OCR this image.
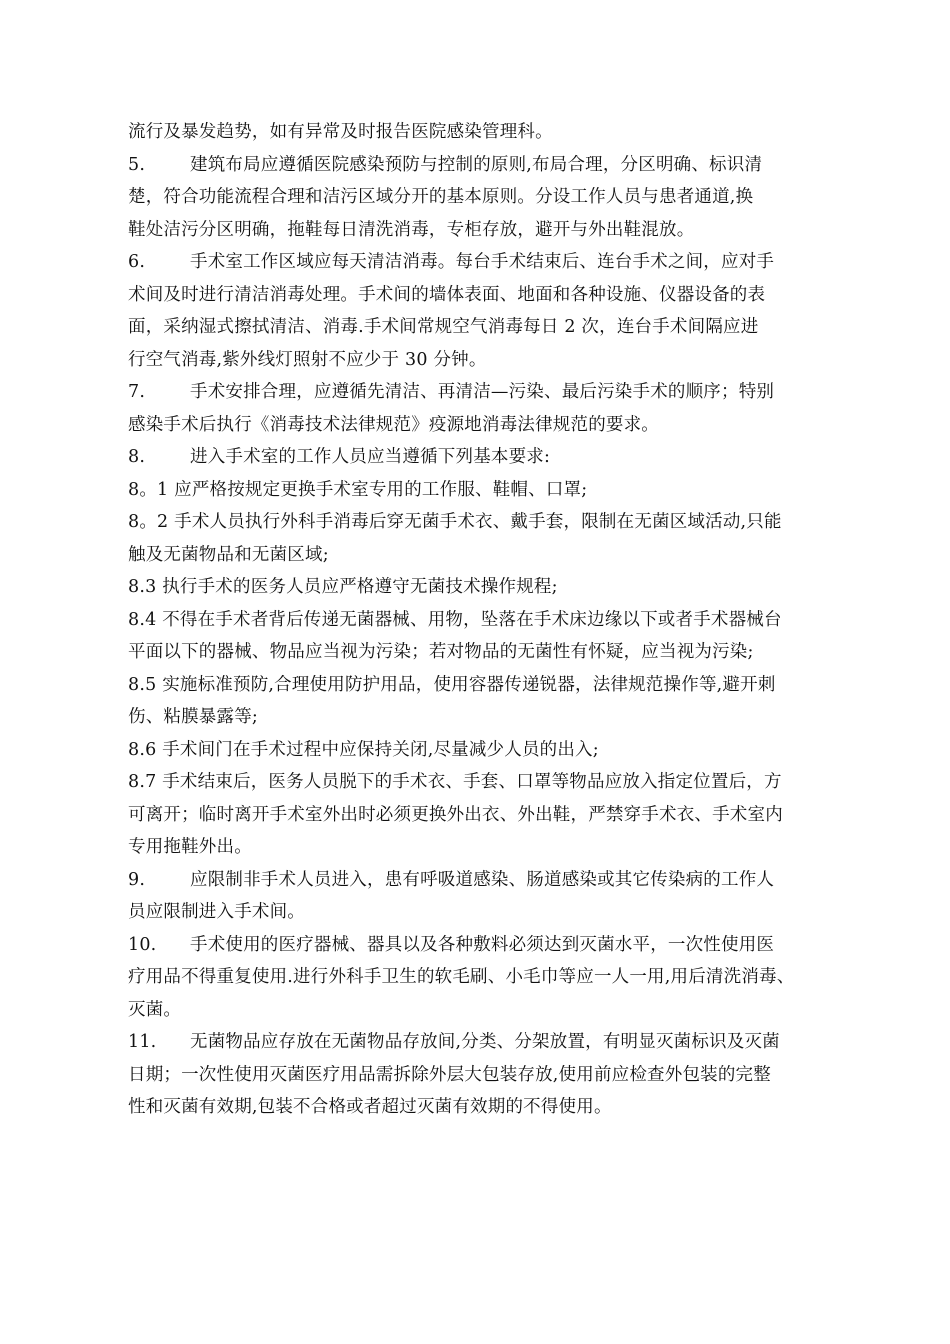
流行及暴发趋势，如有异常及时报告医院感染管理科。
5.	建筑布局应遵循医院感染预防与控制的原则,布局合理，分区明确、标识清
楚，符合功能流程合理和洁污区域分开的基本原则。分设工作人员与患者通道,换
鞋处洁污分区明确，拖鞋每日清洗消毒，专柜存放，避开与外出鞋混放。
6.	手术室工作区域应每天清洁消毒。每台手术结束后、连台手术之间，应对手
术间及时进行清洁消毒处理。手术间的墙体表面、地面和各种设施、仪器设备的表
面，采纳湿式擦拭清洁、消毒.手术间常规空气消毒每日 2 次，连台手术间隔应进
行空气消毒,紫外线灯照射不应少于 30 分钟。
7.	手术安排合理，应遵循先清洁、再清洁—污染、最后污染手术的顺序；特别
感染手术后执行《消毒技术法律规范》疫源地消毒法律规范的要求。
8.	进入手术室的工作人员应当遵循下列基本要求:
8。1 应严格按规定更换手术室专用的工作服、鞋帽、口罩;
8。2 手术人员执行外科手消毒后穿无菌手术衣、戴手套，限制在无菌区域活动,只能
触及无菌物品和无菌区域;
8.3 执行手术的医务人员应严格遵守无菌技术操作规程;
8.4 不得在手术者背后传递无菌器械、用物，坠落在手术床边缘以下或者手术器械台
平面以下的器械、物品应当视为污染；若对物品的无菌性有怀疑，应当视为污染;
8.5 实施标准预防,合理使用防护用品，使用容器传递锐器，法律规范操作等,避开刺
伤、粘膜暴露等;
8.6 手术间门在手术过程中应保持关闭,尽量减少人员的出入;
8.7 手术结束后，医务人员脱下的手术衣、手套、口罩等物品应放入指定位置后，方
可离开；临时离开手术室外出时必须更换外出衣、外出鞋，严禁穿手术衣、手术室内
专用拖鞋外出。
9.	应限制非手术人员进入，患有呼吸道感染、肠道感染或其它传染病的工作人
员应限制进入手术间。
10. 手术使用的医疗器械、器具以及各种敷料必须达到灭菌水平，一次性使用医
疗用品不得重复使用.进行外科手卫生的软毛刷、小毛巾等应一人一用,用后清洗消毒、
灭菌。
11. 无菌物品应存放在无菌物品存放间,分类、分架放置，有明显灭菌标识及灭菌
日期；一次性使用灭菌医疗用品需拆除外层大包装存放,使用前应检查外包装的完整
性和灭菌有效期,包装不合格或者超过灭菌有效期的不得使用。
